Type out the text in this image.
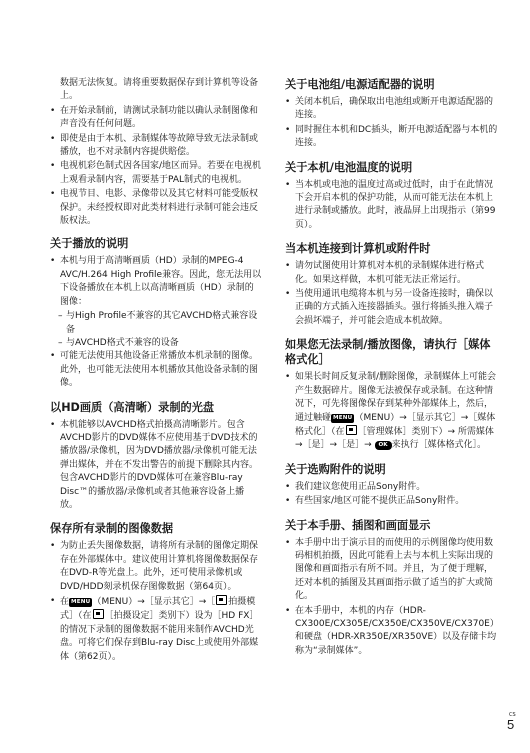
数据无法恢复。请将重要数据保存到计算机等设备上。

• 在开始录制前，请测试录制功能以确认录制图像和声音没有任何问题。

• 即使是由于本机、录制媒体等故障导致无法录制或播放，也不对录制内容提供赔偿。

• 电视机彩色制式因各国家/地区而异。若要在电视机上观看录制内容，需要基于PAL制式的电视机。

• 电视节目、电影、录像带以及其它材料可能受版权保护。未经授权即对此类材料进行录制可能会违反版权法。

关于播放的说明

• 本机与用于高清晰画质（HD）录制的MPEG-4 AVC/H.264 High Profile兼容。因此，您无法用以下设备播放在本机上以高清晰画质（HD）录制的图像：

– 与High Profile不兼容的其它AVCHD格式兼容设备

– 与AVCHD格式不兼容的设备

• 可能无法使用其他设备正常播放本机录制的图像。此外，也可能无法使用本机播放其他设备录制的图像。

以HD画质（高清晰）录制的光盘

• 本机能够以AVCHD格式拍摄高清晰影片。包含AVCHD影片的DVD媒体不应使用基于DVD技术的播放器/录像机，因为DVD播放器/录像机可能无法弹出媒体，并在不发出警告的前提下删除其内容。包含AVCHD影片的DVD媒体可在兼容Blu-ray Disc™的播放器/录像机或者其他兼容设备上播放。

保存所有录制的图像数据

• 为防止丢失图像数据，请将所有录制的图像定期保存在外部媒体中。建议使用计算机将图像数据保存在DVD-R等光盘上。此外，还可使用录像机或DVD/HDD刻录机保存图像数据（第64页）。

• 在 MENU （MENU）→［显示其它］→［ 拍摄模式］（在 ［拍摄设定］类别下）设为［HD FX］的情况下录制的图像数据不能用来制作AVCHD光盘。可将它们保存到Blu-ray Disc上或使用外部媒体（第62页）。

关于电池组/电源适配器的说明

• 关闭本机后，确保取出电池组或断开电源适配器的连接。

• 同时握住本机和DC插头，断开电源适配器与本机的连接。

关于本机/电池温度的说明

• 当本机或电池的温度过高或过低时，由于在此情况下会开启本机的保护功能，从而可能无法在本机上进行录制或播放。此时，液晶屏上出现指示（第99页）。

当本机连接到计算机或附件时

• 请勿试图使用计算机对本机的录制媒体进行格式化。如果这样做，本机可能无法正常运行。

• 当使用通讯电缆将本机与另一设备连接时，确保以正确的方式插入连接器插头。强行将插头推入端子会损坏端子，并可能会造成本机故障。

如果您无法录制/播放图像，请执行［媒体格式化］

• 如果长时间反复录制/删除图像，录制媒体上可能会产生数据碎片。图像无法被保存或录制。在这种情况下，可先将图像保存到某种外部媒体上，然后，通过触碰 MENU （MENU）→［显示其它］→［媒体格式化］（在 ［管理媒体］类别下）→ 所需媒体 →［是］→［是］→ OK 来执行［媒体格式化］。

关于选购附件的说明

• 我们建议您使用正品Sony附件。

• 有些国家/地区可能不提供正品Sony附件。

关于本手册、插图和画面显示

• 本手册中出于演示目的而使用的示例图像均使用数码相机拍摄，因此可能看上去与本机上实际出现的图像和画面指示有所不同。并且，为了便于理解，还对本机的插图及其画面指示做了适当的扩大或简化。

• 在本手册中，本机的内存（HDR-CX300E/CX305E/CX350E/CX350VE/CX370E）和硬盘（HDR-XR350E/XR350VE）以及存储卡均称为“录制媒体”。

CS
5
